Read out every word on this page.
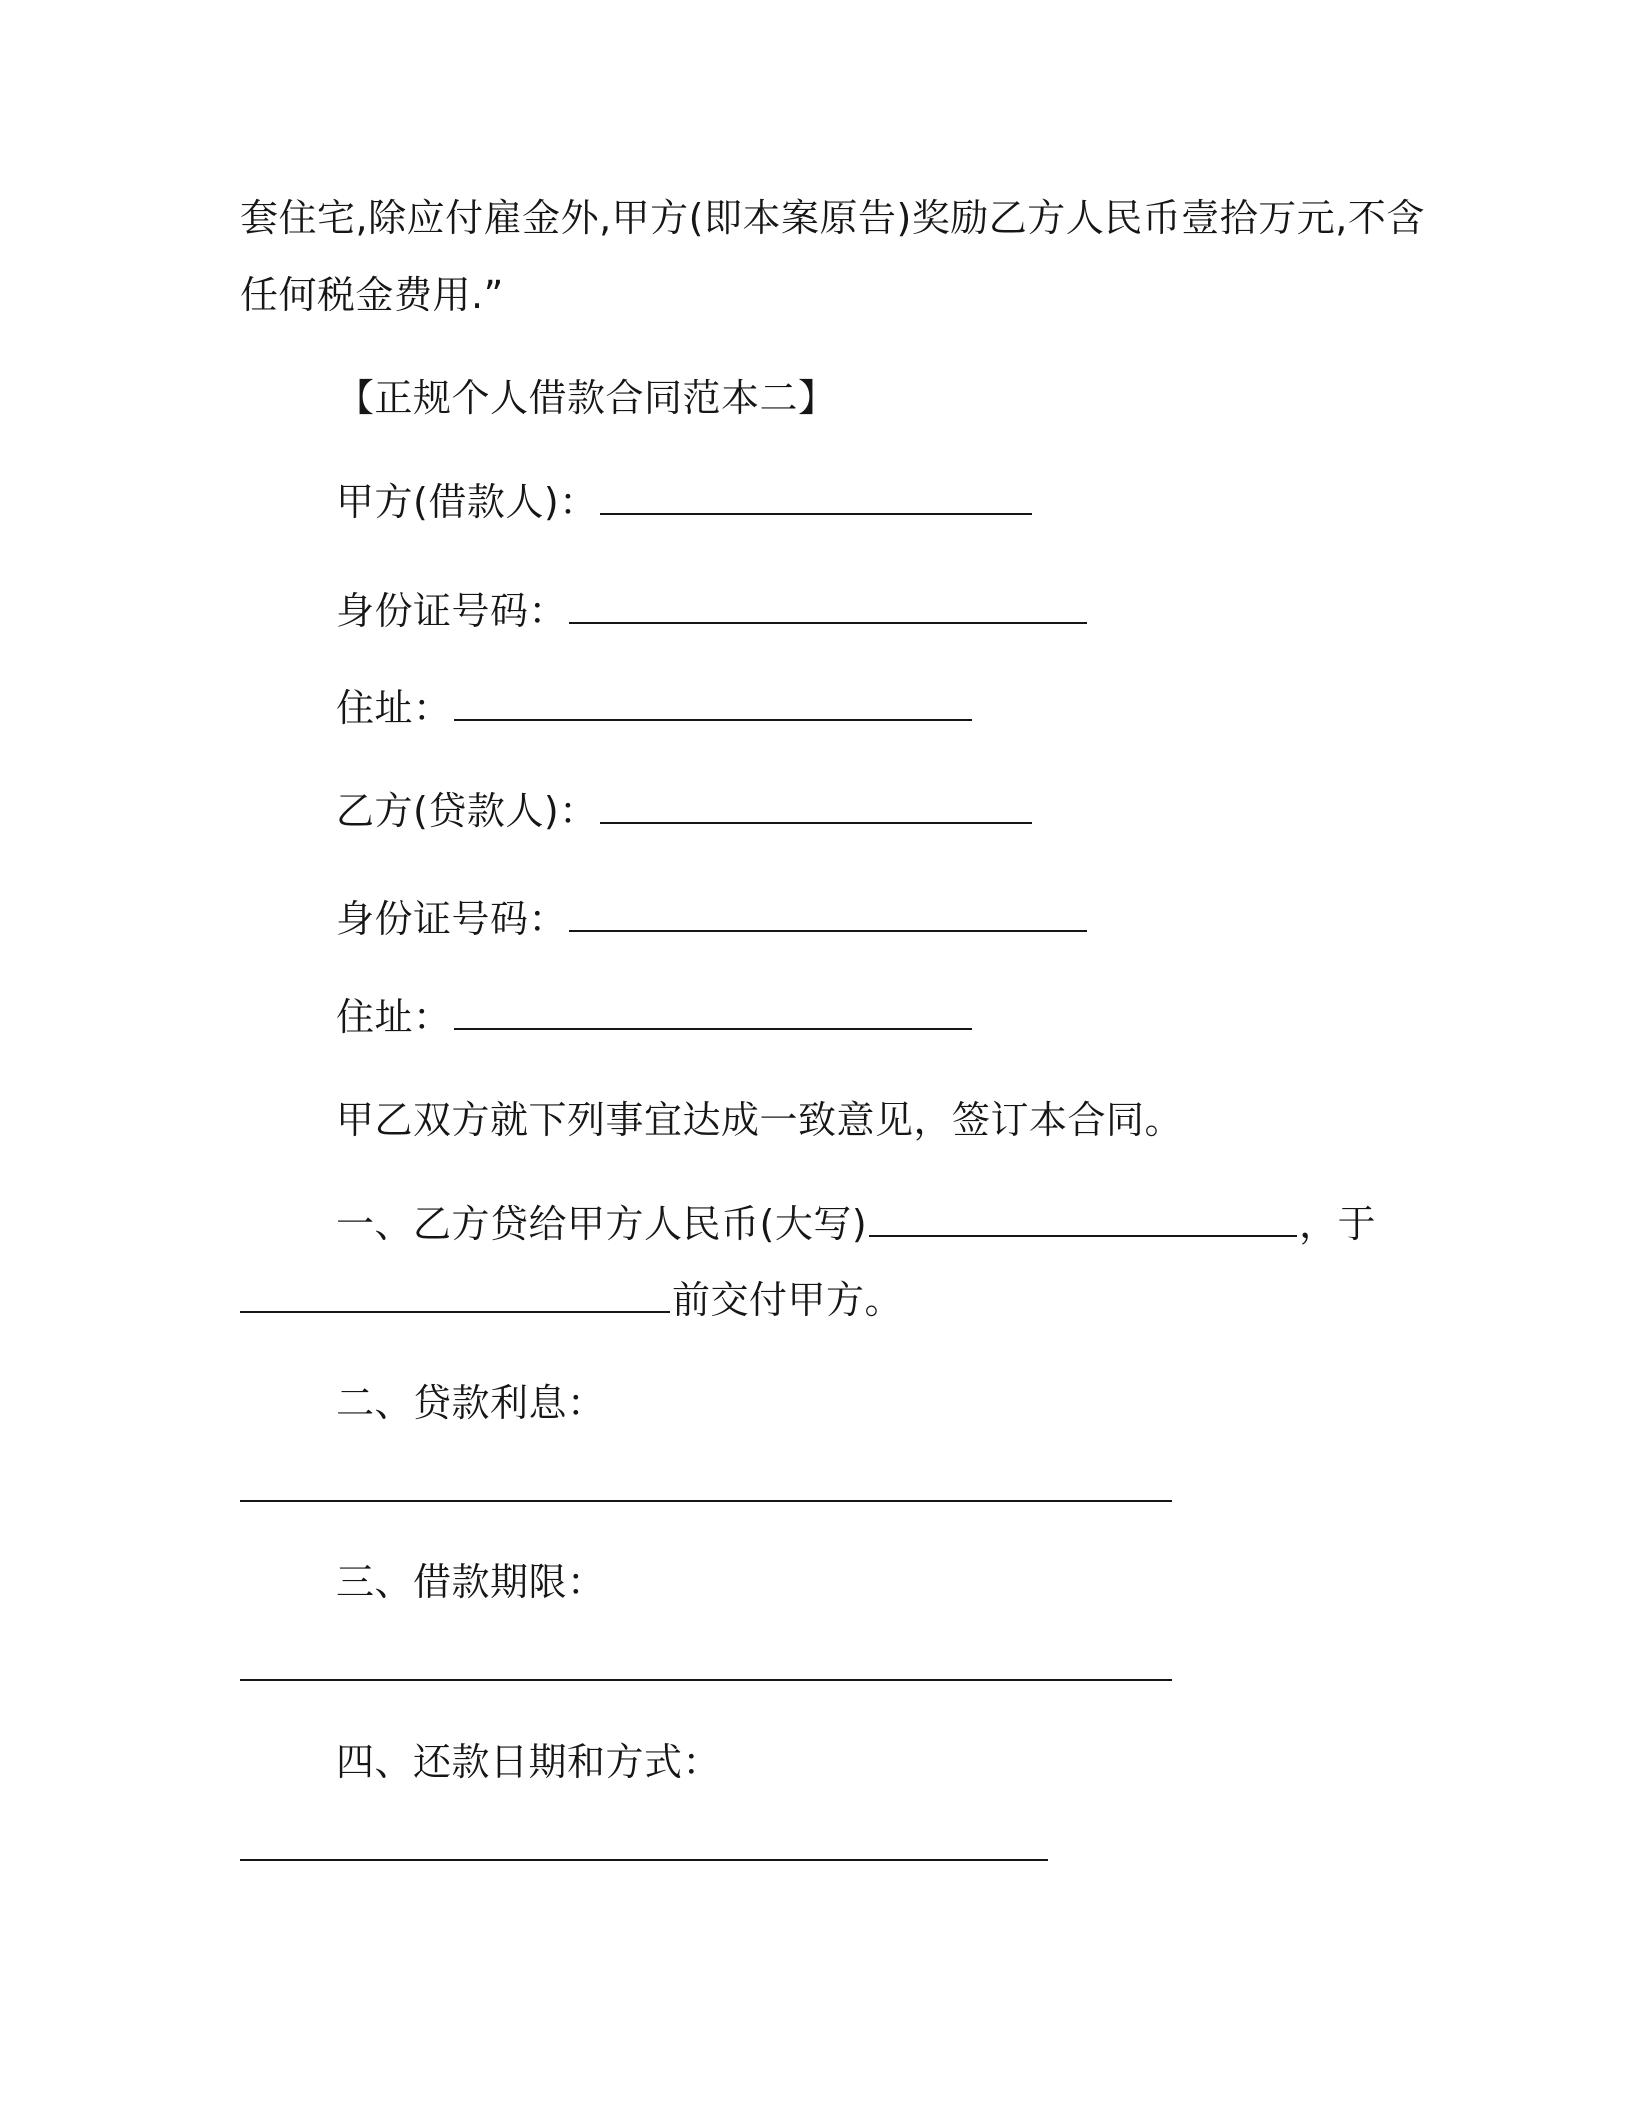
套住宅,除应付雇金外,甲方(即本案原告)奖励乙方人民币壹拾万元,不含
任何税金费用.”
【正规个人借款合同范本二】
甲方(借款人)：
身份证号码：
住址：
乙方(贷款人)：
身份证号码：
住址：
甲乙双方就下列事宜达成一致意见，签订本合同。
一、乙方贷给甲方人民币(大写)	，于
前交付甲方。
二、贷款利息：
三、借款期限：
四、还款日期和方式：
